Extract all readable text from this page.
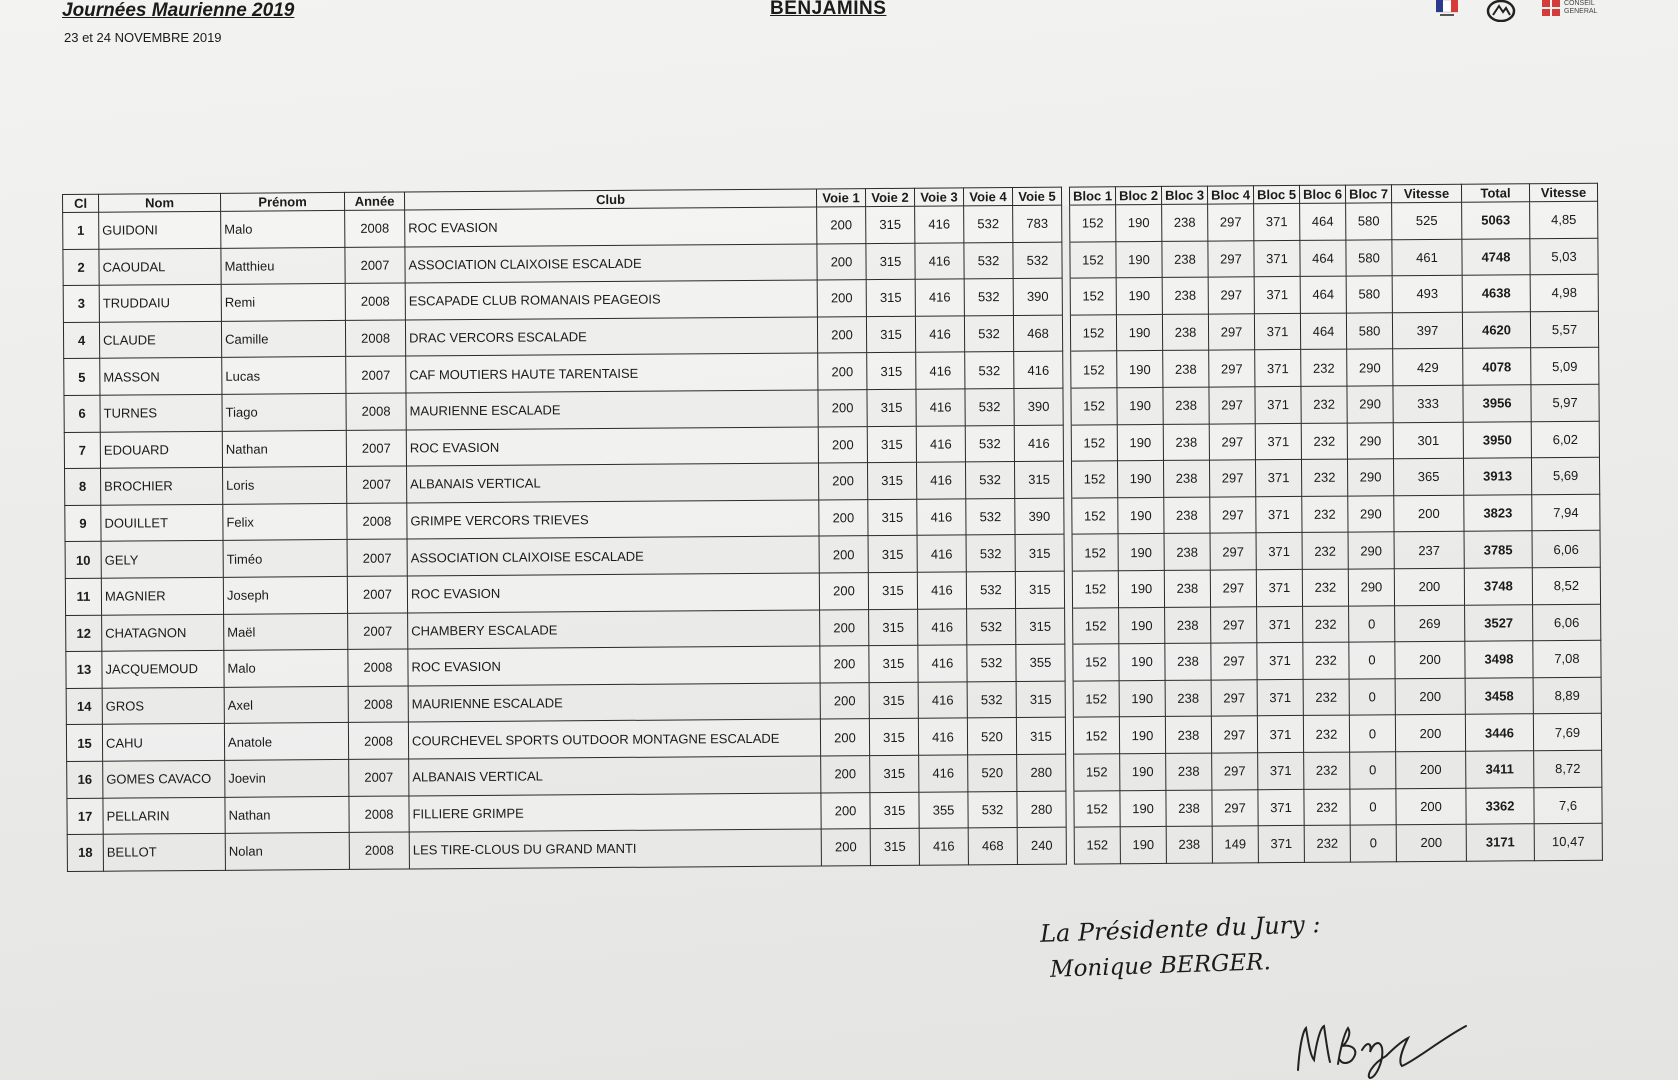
Journées Maurienne 2019
23 et 24 NOVEMBRE 2019
BENJAMINS	CONSEIL
GENERAL
Cl	Nom	Prénom	Année	Club	Voie 1	Voie 2	Voie 3	Voie 4	Voie 5		Bloc 1	Bloc 2	Bloc 3	Bloc 4	Bloc 5	Bloc 6	Bloc 7	Vitesse	Total	Vitesse
1	GUIDONI	Malo	2008	ROC EVASION	200	315	416	532	783		152	190	238	297	371	464	580	525	5063	4,85
2	CAOUDAL	Matthieu	2007	ASSOCIATION CLAIXOISE ESCALADE	200	315	416	532	532		152	190	238	297	371	464	580	461	4748	5,03
3	TRUDDAIU	Remi	2008	ESCAPADE CLUB ROMANAIS PEAGEOIS	200	315	416	532	390		152	190	238	297	371	464	580	493	4638	4,98
4	CLAUDE	Camille	2008	DRAC VERCORS ESCALADE	200	315	416	532	468		152	190	238	297	371	464	580	397	4620	5,57
5	MASSON	Lucas	2007	CAF MOUTIERS HAUTE TARENTAISE	200	315	416	532	416		152	190	238	297	371	232	290	429	4078	5,09
6	TURNES	Tiago	2008	MAURIENNE ESCALADE	200	315	416	532	390		152	190	238	297	371	232	290	333	3956	5,97
7	EDOUARD	Nathan	2007	ROC EVASION	200	315	416	532	416		152	190	238	297	371	232	290	301	3950	6,02
8	BROCHIER	Loris	2007	ALBANAIS VERTICAL	200	315	416	532	315		152	190	238	297	371	232	290	365	3913	5,69
9	DOUILLET	Felix	2008	GRIMPE VERCORS TRIEVES	200	315	416	532	390		152	190	238	297	371	232	290	200	3823	7,94
10	GELY	Timéo	2007	ASSOCIATION CLAIXOISE ESCALADE	200	315	416	532	315		152	190	238	297	371	232	290	237	3785	6,06
11	MAGNIER	Joseph	2007	ROC EVASION	200	315	416	532	315		152	190	238	297	371	232	290	200	3748	8,52
12	CHATAGNON	Maël	2007	CHAMBERY ESCALADE	200	315	416	532	315		152	190	238	297	371	232	0	269	3527	6,06
13	JACQUEMOUD	Malo	2008	ROC EVASION	200	315	416	532	355		152	190	238	297	371	232	0	200	3498	7,08
14	GROS	Axel	2008	MAURIENNE ESCALADE	200	315	416	532	315		152	190	238	297	371	232	0	200	3458	8,89
15	CAHU	Anatole	2008	COURCHEVEL SPORTS OUTDOOR MONTAGNE ESCALADE	200	315	416	520	315		152	190	238	297	371	232	0	200	3446	7,69
16	GOMES CAVACO	Joevin	2007	ALBANAIS VERTICAL	200	315	416	520	280		152	190	238	297	371	232	0	200	3411	8,72
17	PELLARIN	Nathan	2008	FILLIERE GRIMPE	200	315	355	532	280		152	190	238	297	371	232	0	200	3362	7,6
18	BELLOT	Nolan	2008	LES TIRE-CLOUS DU GRAND MANTI	200	315	416	468	240		152	190	238	149	371	232	0	200	3171	10,47
La Présidente du Jury :
Monique BERGER.
